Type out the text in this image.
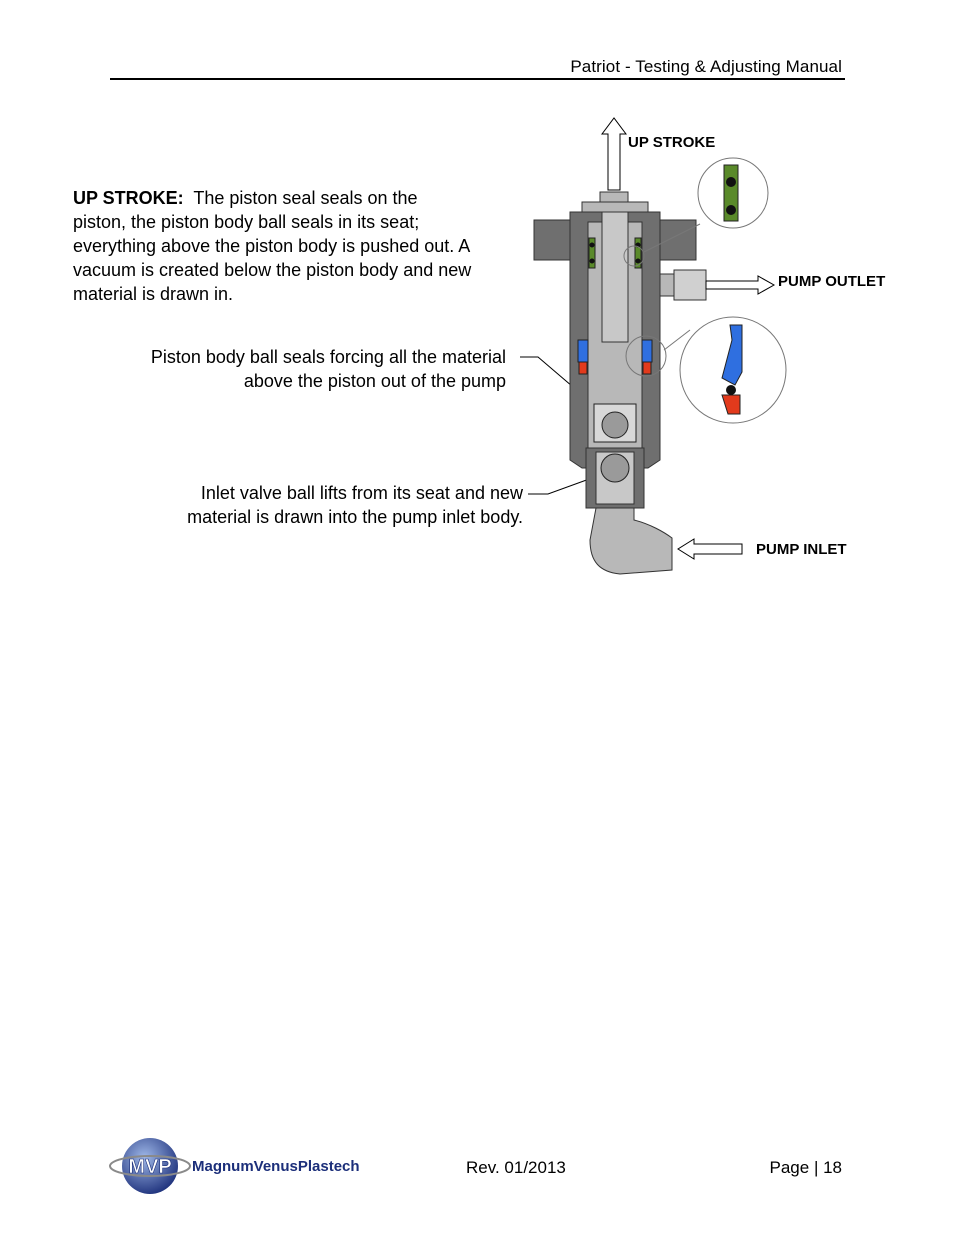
Patriot - Testing & Adjusting Manual
UP STROKE: The piston seal seals on the piston, the piston body ball seals in its seat; everything above the piston body is pushed out. A vacuum is created below the piston body and new material is drawn in.
Piston body ball seals forcing all the material
above the piston out of the pump
Inlet valve ball lifts from its seat and new
material is drawn into the pump inlet body.
UP STROKE
PUMP OUTLET
PUMP INLET
MVP MagnumVenusPlastech	Rev. 01/2013	Page | 18
